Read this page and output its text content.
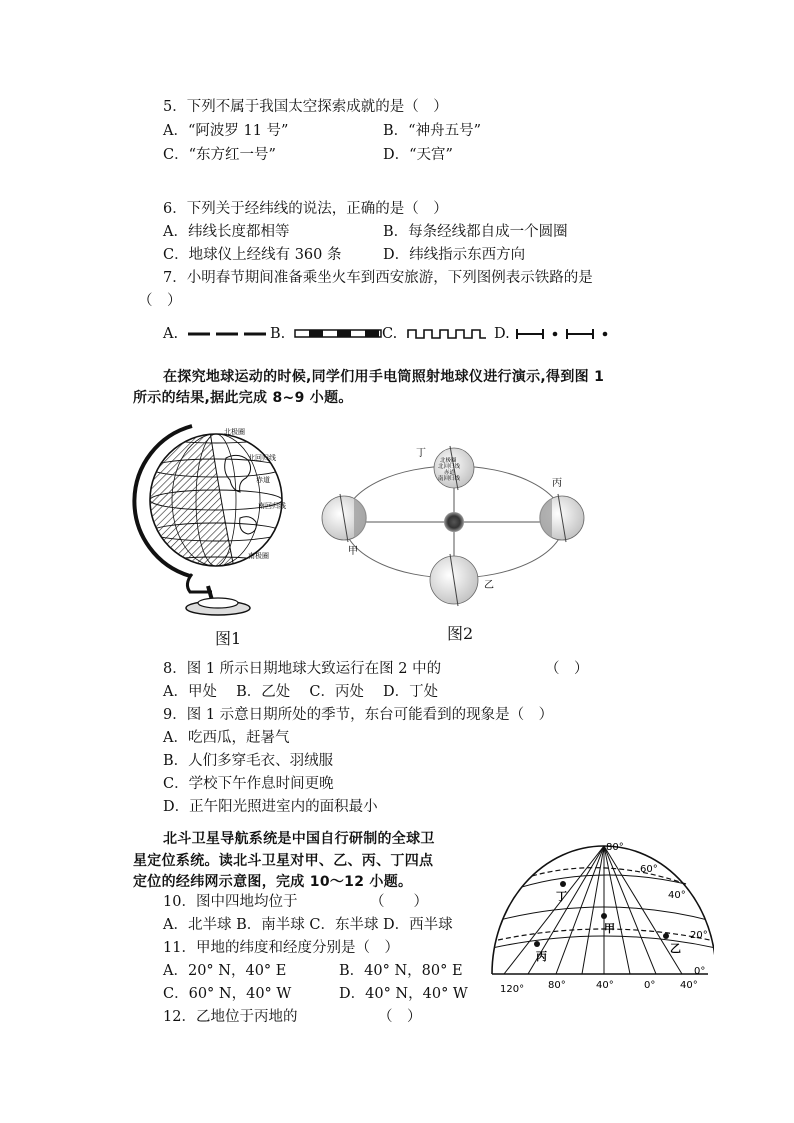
5．下列不属于我国太空探索成就的是（　）
A．“阿波罗 11 号”	B．“神舟五号”
C．“东方红一号”	D．“天宫”
6．下列关于经纬线的说法，正确的是（　）
A．纬线长度都相等	B．每条经线都自成一个圆圈
C．地球仪上经线有 360 条	D．纬线指示东西方向
7．小明春节期间准备乘坐火车到西安旅游，下列图例表示铁路的是
（　）
A.	B.	C.	D.
在探究地球运动的时候,同学们用手电筒照射地球仪进行演示,得到图 1
所示的结果,据此完成 8~9 小题。
北极圈
北回归线
赤道
南回归线
南极圈
图1
北极圈
北回归线
赤道
南回归线
丁
丙
甲
乙
图2
8．图 1 所示日期地球大致运行在图 2 中的	（　）
A．甲处　 B．乙处　 C．丙处　 D．丁处
9．图 1 示意日期所处的季节，东台可能看到的现象是（　）
A．吃西瓜，赶暑气
B．人们多穿毛衣、羽绒服
C．学校下午作息时间更晚
D．正午阳光照进室内的面积最小
北斗卫星导航系统是中国自行研制的全球卫
星定位系统。读北斗卫星对甲、乙、丙、丁四点
定位的经纬网示意图，完成 10～12 小题。
10．图中四地均位于	（　　）
A．北半球 B．南半球 C．东半球 D．西半球
11．甲地的纬度和经度分别是（　）
A．20° N，40° E	B．40° N，80° E
C．60° N，40° W	D．40° N，40° W
12．乙地位于丙地的	（　）
丁
甲
丙
乙
80°
60°
40°
20°
0°
120° 80°	40°	0° 40°
